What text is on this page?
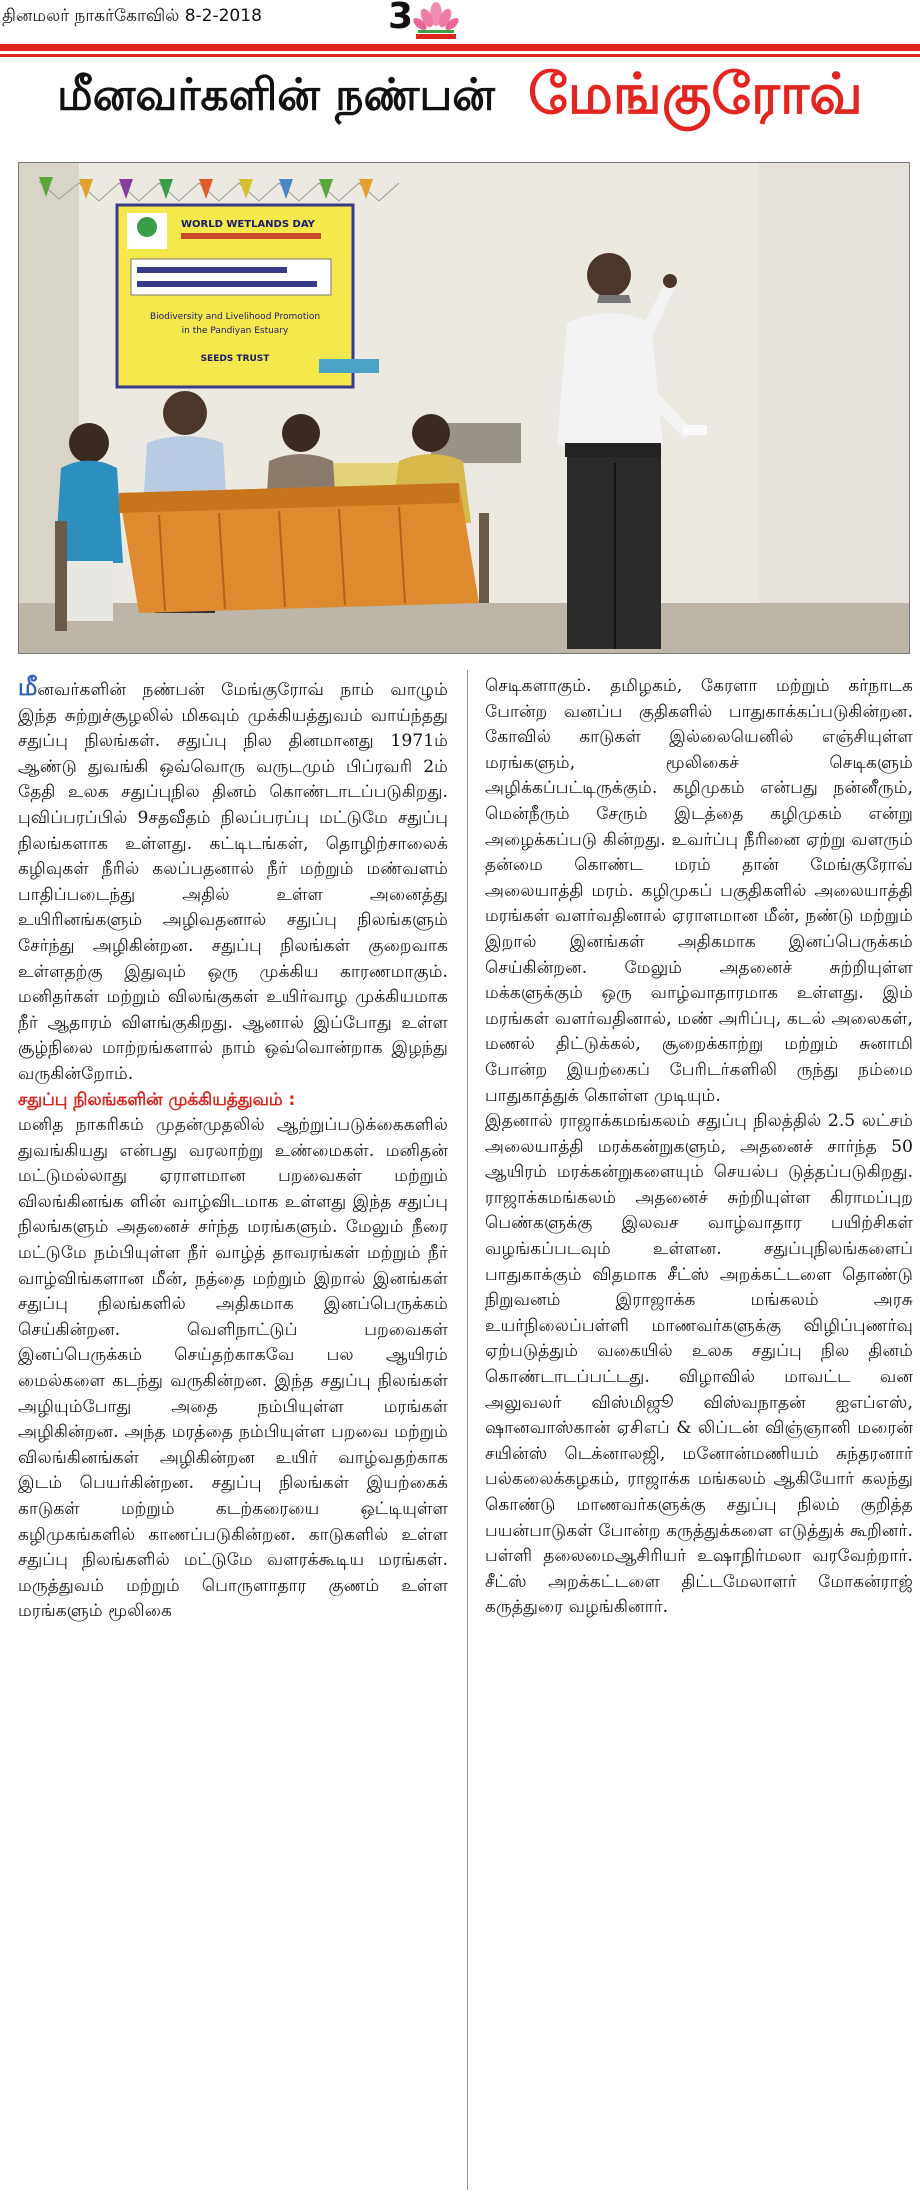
தினமலர் நாகர்கோவில் 8-2-2018	3
மீனவர்களின் நண்பன் மேங்குரோவ்
WORLD WETLANDS DAY
Biodiversity and Livelihood Promotion
in the Pandiyan Estuary
SEEDS TRUST

மீனவர்களின் நண்பன் மேங்குரோவ் நாம் வாழும் இந்த சுற்றுச்சூழலில் மிகவும் முக்கியத்துவம் வாய்ந்தது சதுப்பு நிலங்கள். சதுப்பு நில தினமானது 1971ம் ஆண்டு துவங்கி ஒவ்வொரு வருடமும் பிப்ரவரி 2ம் தேதி உலக சதுப்புநில தினம் கொண்டாடப்படுகிறது. புவிப்பரப்பில் 9சதவீதம் நிலப்பரப்பு மட்டுமே சதுப்பு நிலங்களாக உள்ளது. கட்டிடங்கள், தொழிற்சாலைக் கழிவுகள் நீரில் கலப்பதனால் நீர் மற்றும் மண்வளம் பாதிப்படைந்து அதில் உள்ள அனைத்து உயிரினங்களும் அழிவதனால் சதுப்பு நிலங்களும் சேர்ந்து அழிகின்றன. சதுப்பு நிலங்கள் குறைவாக உள்ளதற்கு இதுவும் ஒரு முக்கிய காரணமாகும். மனிதர்கள் மற்றும் விலங்குகள் உயிர்வாழ முக்கியமாக நீர் ஆதாரம் விளங்குகிறது. ஆனால் இப்போது உள்ள சூழ்நிலை மாற்றங்களால் நாம் ஒவ்வொன்றாக இழந்து வருகின்றோம்.

சதுப்பு நிலங்களின் முக்கியத்துவம் :

மனித நாகரிகம் முதன்முதலில் ஆற்றுப்படுக்கைகளில் துவங்கியது என்பது வரலாற்று உண்மைகள். மனிதன் மட்டுமல்லாது ஏராளமான பறவைகள் மற்றும் விலங்கினங்க ளின் வாழ்விடமாக உள்ளது இந்த சதுப்பு நிலங்களும் அதனைச் சர்ந்த மரங்களும். மேலும் நீரை மட்டுமே நம்பியுள்ள நீர் வாழ்த் தாவரங்கள் மற்றும் நீர் வாழ்விங்களான மீன், நத்தை மற்றும் இறால் இனங்கள் சதுப்பு நிலங்களில் அதிகமாக இனப்பெருக்கம் செய்கின்றன. வெளிநாட்டுப் பறவைகள் இனப்பெருக்கம் செய்தற்காகவே பல ஆயிரம் மைல்களை கடந்து வருகின்றன. இந்த சதுப்பு நிலங்கள் அழியும்போது அதை நம்பியுள்ள மரங்கள் அழிகின்றன. அந்த மரத்தை நம்பியுள்ள பறவை மற்றும் விலங்கினங்கள் அழிகின்றன உயிர் வாழ்வதற்காக இடம் பெயர்கின்றன. சதுப்பு நிலங்கள் இயற்கைக் காடுகள் மற்றும் கடற்கரையை ஒட்டியுள்ள கழிமுகங்களில் காணப்படுகின்றன. காடுகளில் உள்ள சதுப்பு நிலங்களில் மட்டுமே வளரக்கூடிய மரங்கள். மருத்துவம் மற்றும் பொருளாதார குணம் உள்ள மரங்களும் மூலிகை

செடிகளாகும். தமிழகம், கேரளா மற்றும் கர்நாடக போன்ற வனப்ப குதிகளில் பாதுகாக்கப்படுகின்றன. கோவில் காடுகள் இல்லையெனில் எஞ்சியுள்ள மரங்களும், மூலிகைச் செடிகளும் அழிக்கப்பட்டிருக்கும். கழிமுகம் என்பது நன்னீரும், மென்நீரும் சேரும் இடத்தை கழிமுகம் என்று அழைக்கப்படு கின்றது. உவர்ப்பு நீரினை ஏற்று வளரும் தன்மை கொண்ட மரம் தான் மேங்குரோவ் அலையாத்தி மரம். கழிமுகப் பகுதிகளில் அலையாத்தி மரங்கள் வளர்வதினால் ஏராளமான மீன், நண்டு மற்றும் இறால் இனங்கள் அதிகமாக இனப்பெருக்கம் செய்கின்றன. மேலும் அதனைச் சுற்றியுள்ள மக்களுக்கும் ஒரு வாழ்வாதாரமாக உள்ளது. இம் மரங்கள் வளர்வதினால், மண் அரிப்பு, கடல் அலைகள், மணல் திட்டுக்கல், சூறைக்காற்று மற்றும் சுனாமி போன்ற இயற்கைப் பேரிடர்களிலி ருந்து நம்மை பாதுகாத்துக் கொள்ள முடியும்.

இதனால் ராஜாக்கமங்கலம் சதுப்பு நிலத்தில் 2.5 லட்சம் அலையாத்தி மரக்கன்றுகளும், அதனைச் சார்ந்த 50 ஆயிரம் மரக்கன்றுகளையும் செயல்ப டுத்தப்படுகிறது. ராஜாக்கமங்கலம் அதனைச் சுற்றியுள்ள கிராமப்புற பெண்களுக்கு இலவச வாழ்வாதார பயிற்சிகள் வழங்கப்படவும் உள்ளன. சதுப்புநிலங்களைப் பாதுகாக்கும் விதமாக சீட்ஸ் அறக்கட்டளை தொண்டு நிறுவனம் இராஜாக்க மங்கலம் அரசு உயர்நிலைப்பள்ளி மாணவர்களுக்கு விழிப்புணர்வு ஏற்படுத்தும் வகையில் உலக சதுப்பு நில தினம் கொண்டாடப்பட்டது. விழாவில் மாவட்ட வன அலுவலர் விஸ்மிஜூ விஸ்வநாதன் ஐஎப்எஸ், ஷானவாஸ்கான் ஏசிஎப் & லிப்டன் விஞ்ஞானி மரைன் சயின்ஸ் டெக்னாலஜி, மனோன்மணியம் சுந்தரனார் பல்கலைக்கழகம், ராஜாக்க மங்கலம் ஆகியோர் கலந்து கொண்டு மாணவர்களுக்கு சதுப்பு நிலம் குறித்த பயன்பாடுகள் போன்ற கருத்துக்களை எடுத்துக் கூறினர். பள்ளி தலைமைஆசிரியர் உஷாநிர்மலா வரவேற்றார். சீட்ஸ் அறக்கட்டளை திட்டமேலாளர் மோகன்ராஜ் கருத்துரை வழங்கினார்.
